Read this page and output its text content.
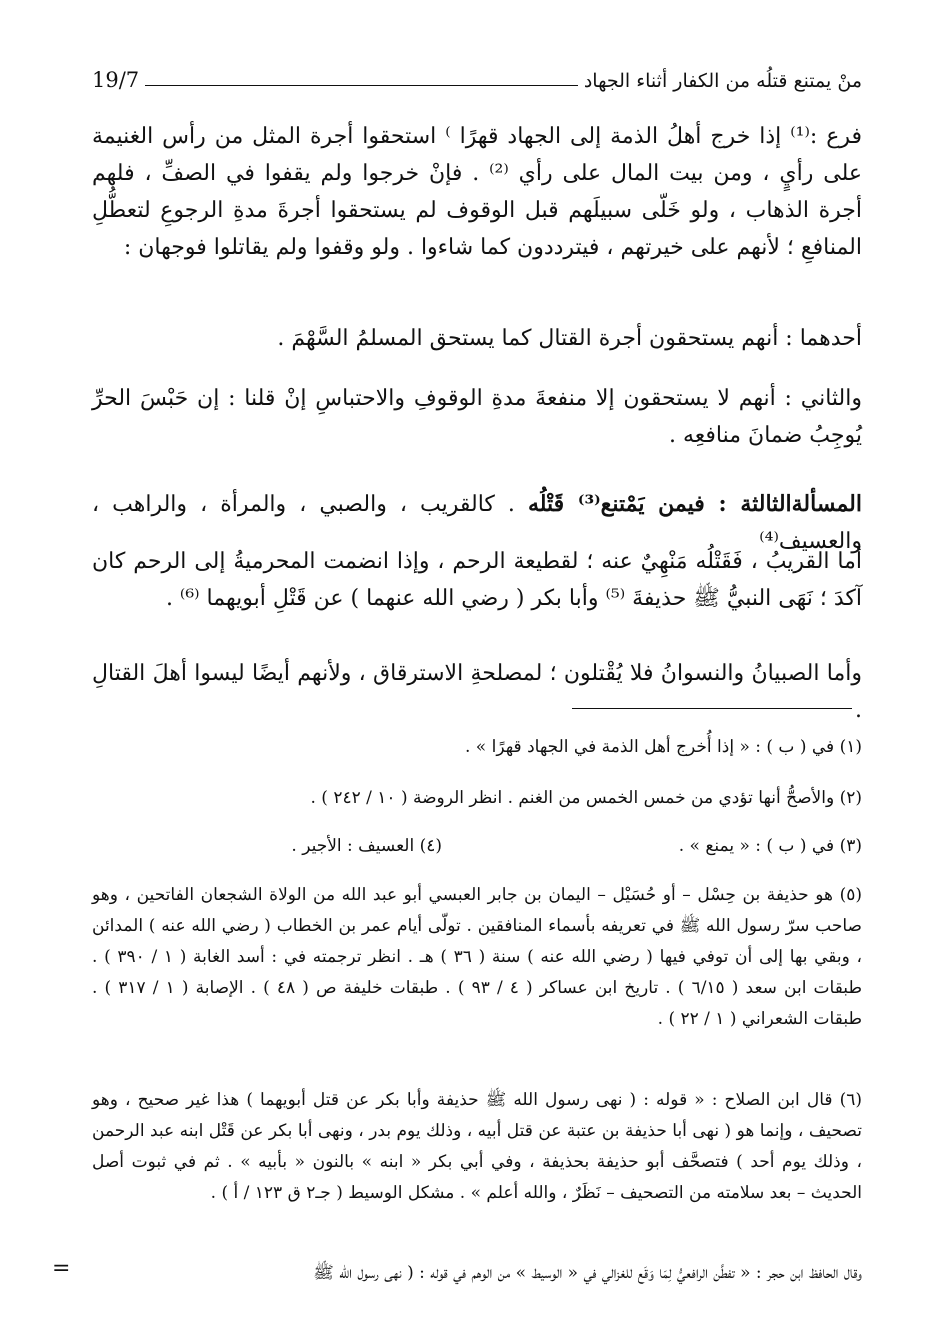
منْ يمتنع قتلُه من الكفار أثناء الجهاد
19/7

فرع :⁽¹⁾ إذا خرج أهلُ الذمة إلى الجهاد قهرًا ⁾ استحقوا أجرة المثل من رأس الغنيمة على رأيٍ ، ومن بيت المال على رأي ⁽²⁾ . فإنْ خرجوا ولم يقفوا في الصفِّ ، فلهم أجرة الذهاب ، ولو خَلّى سبيلَهم قبل الوقوف لم يستحقوا أجرةَ مدةِ الرجوعِ لتعطُّلِ المنافعِ ؛ لأنهم على خيرتهم ، فيترددون كما شاءوا . ولو وقفوا ولم يقاتلوا فوجهان :

أحدهما : أنهم يستحقون أجرة القتال كما يستحق المسلمُ السَّهْمَ .

والثاني : أنهم لا يستحقون إلا منفعةَ مدةِ الوقوفِ والاحتباسِ إنْ قلنا : إن حَبْسَ الحرِّ يُوجِبُ ضمانَ منافعِه .

المسألةالثالثة : فيمن يَمْتنع⁽³⁾ قَتْلُه . كالقريب ، والصبي ، والمرأة ، والراهب ، والعسيف⁽⁴⁾

أما القريبُ ، فَقَتْلُه مَنْهِيٌ عنه ؛ لقطيعة الرحم ، وإذا انضمت المحرميةُ إلى الرحم كان آكدَ ؛ نَهَى النبيُّ ﷺ حذيفةَ ⁽⁵⁾ وأبا بكر ( رضي الله عنهما ) عن قَتْلِ أبويهما ⁽⁶⁾ .

وأما الصبيانُ والنسوانُ فلا يُقْتلون ؛ لمصلحةِ الاسترقاق ، ولأنهم أيضًا ليسوا أهلَ القتالِ .

(١) في ( ب ) : « إذا أُخرج أهل الذمة في الجهاد قهرًا » .
(٢) والأصحُّ أنها تؤدي من خمس الخمس من الغنم . انظر الروضة ( ١٠ / ٢٤٢ ) .
(٣) في ( ب ) : « يمنع » .
(٤) العسيف : الأجير .
(٥) هو حذيفة بن حِسْل – أو حُسَيْل – اليمان بن جابر العبسي أبو عبد الله من الولاة الشجعان الفاتحين ، وهو صاحب سرّ رسول الله ﷺ في تعريفه بأسماء المنافقين . تولّى أيام عمر بن الخطاب ( رضي الله عنه ) المدائن ، وبقي بها إلى أن توفي فيها ( رضي الله عنه ) سنة ( ٣٦ ) هـ . انظر ترجمته في : أسد الغابة ( ١ / ٣٩٠ ) . طبقات ابن سعد ( ٦/١٥ ) . تاريخ ابن عساكر ( ٤ / ٩٣ ) . طبقات خليفة ص ( ٤٨ ) . الإصابة ( ١ / ٣١٧ ) . طبقات الشعراني ( ١ / ٢٢ ) .
(٦) قال ابن الصلاح : « قوله : ( نهى رسول الله ﷺ حذيفة وأبا بكر عن قتل أبويهما ) هذا غير صحيح ، وهو تصحيف ، وإنما هو ( نهى أبا حذيفة بن عتبة عن قتل أبيه ، وذلك يوم بدر ، ونهى أبا بكر عن قَتْل ابنه عبد الرحمن ، وذلك يوم أحد ) فتصحَّف أبو حذيفة بحذيفة ، وفي أبي بكر « ابنه » بالنون « بأبيه » . ثم في ثبوت أصل الحديث – بعد سلامته من التصحيف – نَظَرٌ ، والله أعلم » . مشكل الوسيط ( جـ٢ ق ١٢٣ / أ ) .
وقال الحافظ ابن حجر : « تفطَّن الرافعيُّ لِمَا وَقَع للغزالي في « الوسيط » من الوهم في قوله : ( نهى رسول الله ﷺ
=
